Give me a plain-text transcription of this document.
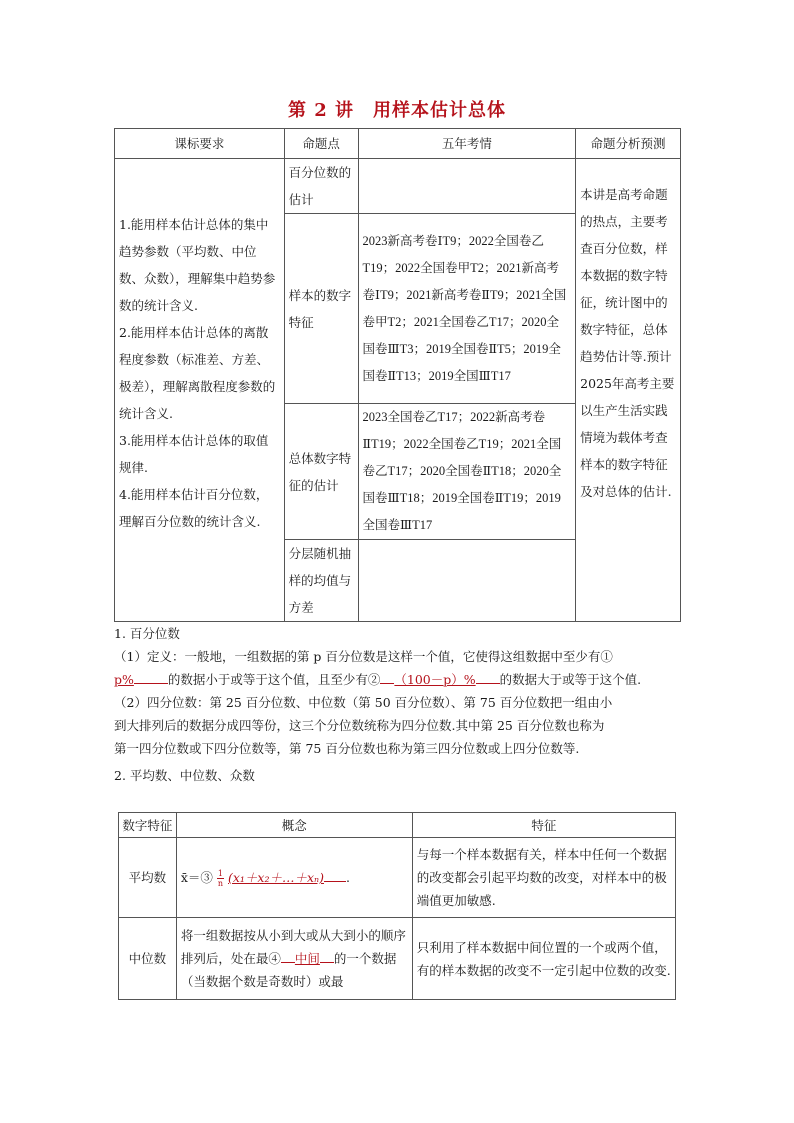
第 2 讲　用样本估计总体
课标要求	命题点	五年考情	命题分析预测

1.能用样本估计总体的集中趋势参数（平均数、中位数、众数），理解集中趋势参数的统计含义.
2.能用样本估计总体的离散程度参数（标准差、方差、极差），理解离散程度参数的统计含义.
3.能用样本估计总体的取值规律.
4.能用样本估计百分位数，理解百分位数的统计含义.	百分位数的估计		本讲是高考命题的热点，主要考查百分位数，样本数据的数字特征，统计图中的数字特征，总体趋势估计等.预计2025年高考主要以生产生活实践情境为载体考查样本的数字特征及对总体的估计.

	样本的数字特征	2023新高考卷ⅠT9；2022全国卷乙T19；2022全国卷甲T2；2021新高考卷ⅠT9；2021新高考卷ⅡT9；2021全国卷甲T2；2021全国卷乙T17；2020全国卷ⅢT3；2019全国卷ⅡT5；2019全国卷ⅡT13；2019全国ⅢT17	
	总体数字特征的估计	2023全国卷乙T17；2022新高考卷ⅡT19；2022全国卷乙T19；2021全国卷乙T17；2020全国卷ⅡT18；2020全国卷ⅢT18；2019全国卷ⅡT19；2019全国卷ⅢT17	
	分层随机抽样的均值与方差		

1. 百分位数

（1）定义：一般地，一组数据的第 p 百分位数是这样一个值，它使得这组数据中至少有①

p%	的数据小于或等于这个值，且至少有② （100－p）% 的数据大于或等于这个值.

（2）四分位数：第 25 百分位数、中位数（第 50 百分位数）、第 75 百分位数把一组由小

到大排列后的数据分成四等份，这三个分位数统称为四分位数.其中第 25 百分位数也称为

第一四分位数或下四分位数等，第 75 百分位数也称为第三四分位数或上四分位数等.

2. 平均数、中位数、众数

数字特征	概念	特征
平均数	x̄＝③ $\frac{1}{n}$ (x₁＋x₂＋…＋xₙ) .	与每一个样本数据有关，样本中任何一个数据的改变都会引起平均数的改变，对样本中的极端值更加敏感.
中位数	将一组数据按从小到大或从大到小的顺序排列后，处在最④ 中间 的一个数据（当数据个数是奇数时）或最	只利用了样本数据中间位置的一个或两个值，有的样本数据的改变不一定引起中位数的改变.
